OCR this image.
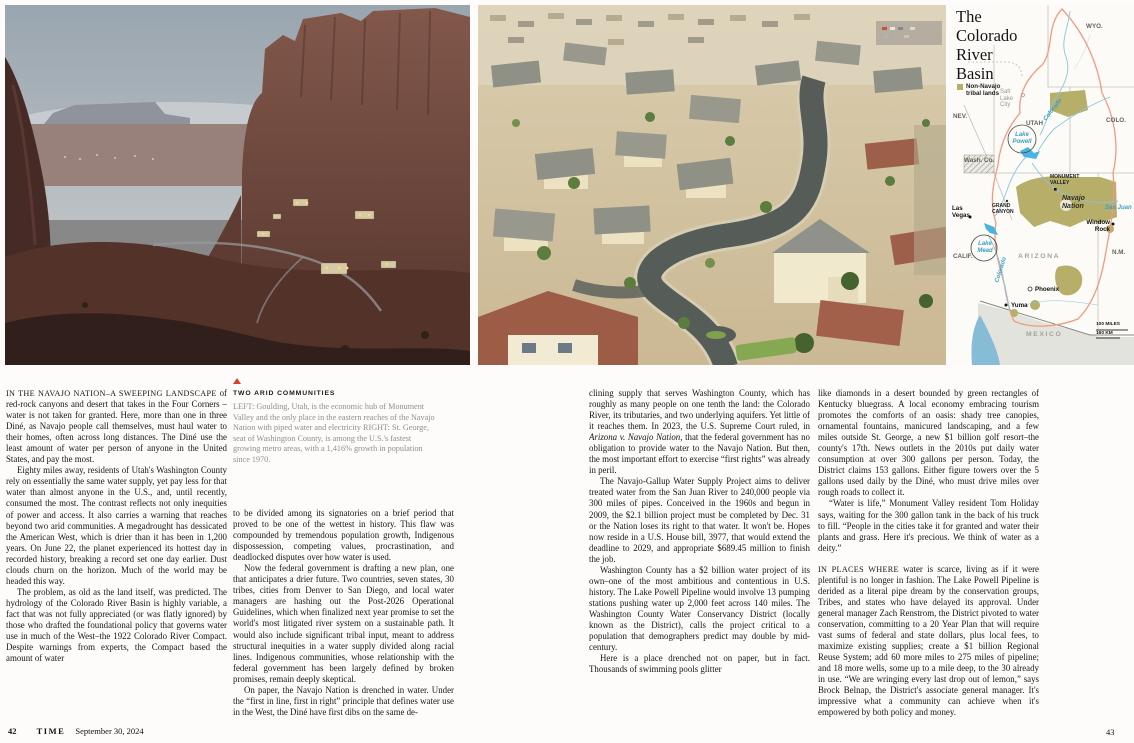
The
Colorado
River
Basin
Non-Navajo tribal lands
WYO.
Salt Lake City
NEV.
UTAH	COLO.
Wash. Co.
Lake Powell
Colorado
MONUMENT VALLEY
Navajo Nation	San Juan
Las Vegas
GRAND CANYON
Window Rock
Lake Mead
CALIF.	ARIZONA
N.M.
Colorado
Phoenix
Yuma
MEXICO
100 MILES
160 KM
TWO ARID COMMUNITIES
LEFT: Goulding, Utah, is the economic hub of Monument Valley and the only place in the eastern reaches of the Navajo Nation with piped water and electricity RIGHT: St. George, seat of Washington County, is among the U.S.'s fastest growing metro areas, with a 1,416% growth in population since 1970.

IN THE NAVAJO NATION–A SWEEPING LANDSCAPE of red-rock canyons and desert that takes in the Four Corners – water is not taken for granted. Here, more than one in three Diné, as Navajo people call themselves, must haul water to their homes, often across long distances. The Diné use the least amount of water per person of anyone in the United States, and pay the most.

Eighty miles away, residents of Utah's Washington County rely on essentially the same water supply, yet pay less for that water than almost anyone in the U.S., and, until recently, consumed the most. The contrast reflects not only inequities of power and access. It also carries a warning that reaches beyond two arid communities. A megadrought has dessicated the American West, which is drier than it has been in 1,200 years. On June 22, the planet experienced its hottest day in recorded history, breaking a record set one day earlier. Dust clouds churn on the horizon. Much of the world may be headed this way.

The problem, as old as the land itself, was predicted. The hydrology of the Colorado River Basin is highly variable, a fact that was not fully appreciated (or was flatly ignored) by those who drafted the foundational policy that governs water use in much of the West–the 1922 Colorado River Compact. Despite warnings from experts, the Compact based the amount of water

to be divided among its signatories on a brief period that proved to be one of the wettest in history. This flaw was compounded by tremendous population growth, Indigenous dispossession, competing values, procrastination, and deadlocked disputes over how water is used.

Now the federal government is drafting a new plan, one that anticipates a drier future. Two countries, seven states, 30 tribes, cities from Denver to San Diego, and local water managers are hashing out the Post-2026 Operational Guidelines, which when finalized next year promise to set the world's most litigated river system on a sustainable path. It would also include significant tribal input, meant to address structural inequities in a water supply divided along racial lines. Indigenous communities, whose relationship with the federal government has been largely defined by broken promises, remain deeply skeptical.

On paper, the Navajo Nation is drenched in water. Under the “first in line, first in right” principle that defines water use in the West, the Diné have first dibs on the same de-

clining supply that serves Washington County, which has roughly as many people on one tenth the land: the Colorado River, its tributaries, and two underlying aquifers. Yet little of it reaches them. In 2023, the U.S. Supreme Court ruled, in Arizona v. Navajo Nation, that the federal government has no obligation to provide water to the Navajo Nation. But then, the most important effort to exercise “first rights” was already in peril.

The Navajo-Gallup Water Supply Project aims to deliver treated water from the San Juan River to 240,000 people via 300 miles of pipes. Conceived in the 1960s and begun in 2009, the $2.1 billion project must be completed by Dec. 31 or the Nation loses its right to that water. It won't be. Hopes now reside in a U.S. House bill, 3977, that would extend the deadline to 2029, and appropriate $689.45 million to finish the job.

Washington County has a $2 billion water project of its own–one of the most ambitious and contentious in U.S. history. The Lake Powell Pipeline would involve 13 pumping stations pushing water up 2,000 feet across 140 miles. The Washington County Water Conservancy District (locally known as the District), calls the project critical to a population that demographers predict may double by mid-century.

Here is a place drenched not on paper, but in fact. Thousands of swimming pools glitter

like diamonds in a desert bounded by green rectangles of Kentucky bluegrass. A local economy embracing tourism promotes the comforts of an oasis: shady tree canopies, ornamental fountains, manicured landscaping, and a few miles outside St. George, a new $1 billion golf resort–the county's 17th. News outlets in the 2010s put daily water consumption at over 300 gallons per person. Today, the District claims 153 gallons. Either figure towers over the 5 gallons used daily by the Diné, who must drive miles over rough roads to collect it.

“Water is life,” Monument Valley resident Tom Holiday says, waiting for the 300 gallon tank in the back of his truck to fill. “People in the cities take it for granted and water their plants and grass. Here it's precious. We think of water as a deity.”

IN PLACES WHERE water is scarce, living as if it were plentiful is no longer in fashion. The Lake Powell Pipeline is derided as a literal pipe dream by the conservation groups, Tribes, and states who have delayed its approval. Under general manager Zach Renstrom, the District pivoted to water conservation, committing to a 20 Year Plan that will require vast sums of federal and state dollars, plus local fees, to maximize existing supplies; create a $1 billion Regional Reuse System; add 60 more miles to 275 miles of pipeline; and 18 more wells, some up to a mile deep, to the 30 already in use. “We are wringing every last drop out of lemon,” says Brock Belnap, the District's associate general manager. It's impressive what a community can achieve when it's empowered by both policy and money.

42 TIME September 30, 2024	43
